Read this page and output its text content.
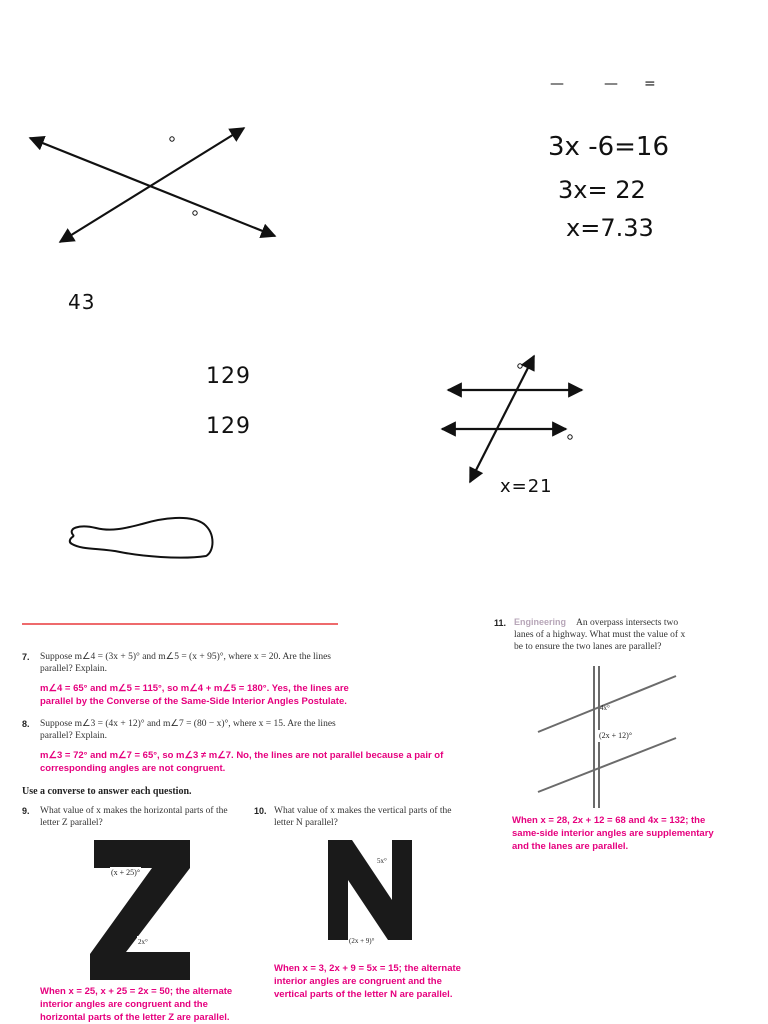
—	— =
3x -6=16
3x= 22
x=7.33
43
129
129
x=21
7. Suppose m∠4 = (3x + 5)° and m∠5 = (x + 95)°, where x = 20. Are the lines
parallel? Explain.
m∠4 = 65° and m∠5 = 115°, so m∠4 + m∠5 = 180°. Yes, the lines are
parallel by the Converse of the Same-Side Interior Angles Postulate.
8. Suppose m∠3 = (4x + 12)° and m∠7 = (80 − x)°, where x = 15. Are the lines
parallel? Explain.
m∠3 = 72° and m∠7 = 65°, so m∠3 ≠ m∠7. No, the lines are not parallel because a pair of
corresponding angles are not congruent.
Use a converse to answer each question.
9. What value of x makes the horizontal parts of the
letter Z parallel?
(x + 25)°
2x°
When x = 25, x + 25 = 2x = 50; the alternate
interior angles are congruent and the
horizontal parts of the letter Z are parallel.
10. What value of x makes the vertical parts of the
letter N parallel?
5x°
(2x + 9)°
When x = 3, 2x + 9 = 5x = 15; the alternate
interior angles are congruent and the
vertical parts of the letter N are parallel.
11. Engineering An overpass intersects two
lanes of a highway. What must the value of x
be to ensure the two lanes are parallel?
4x°
(2x + 12)°
When x = 28, 2x + 12 = 68 and 4x = 132; the
same-side interior angles are supplementary
and the lanes are parallel.
